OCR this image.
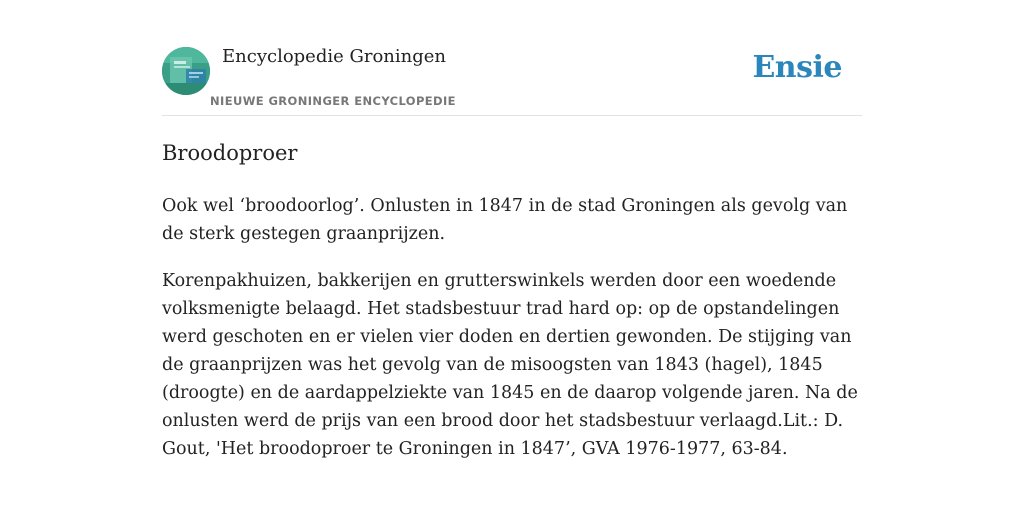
Encyclopedie Groningen
NIEUWE GRONINGER ENCYCLOPEDIE
Ensie
Broodoproer

Ook wel ‘broodoorlog’. Onlusten in 1847 in de stad Groningen als gevolg van de sterk gestegen graanprijzen.

Korenpakhuizen, bakkerijen en grutterswinkels werden door een woedende volksmenigte belaagd. Het stadsbestuur trad hard op: op de opstandelingen werd geschoten en er vielen vier doden en dertien gewonden. De stijging van de graanprijzen was het gevolg van de misoogsten van 1843 (hagel), 1845 (droogte) en de aardappelziekte van 1845 en de daarop volgende jaren. Na de onlusten werd de prijs van een brood door het stadsbestuur verlaagd.Lit.: D. Gout, 'Het broodoproer te Groningen in 1847’, GVA 1976-1977, 63-84.
